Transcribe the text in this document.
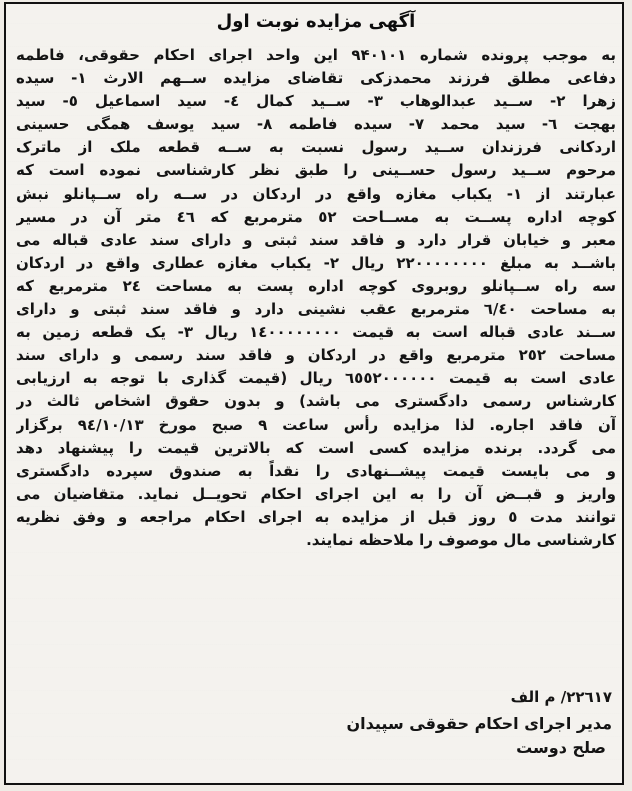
آگهی مزایده نوبت اول
به موجب پرونده شماره ۹۴۰۱۰۱ این واحد اجرای احکام حقوقی، فاطمه
دفاعی مطلق فرزند محمدزکی تقاضای مزایده ســهم الارث ۱- سیده
زهرا ۲- ســید عبدالوهاب ۳- ســید کمال ٤- سید اسماعیل ٥- سید
بهجت ٦- سید محمد ۷- سیده فاطمه ۸- سید یوسف همگی حسینی
اردکانی فرزندان ســید رسول نسبت به ســه قطعه ملک از ماترک
مرحوم ســید رسول حســینی را طبق نظر کارشناسی نموده است که
عبارتند از ۱- یکباب مغازه واقع در اردکان در ســه راه ســپانلو نبش
کوچه اداره پســت به مســاحت ٥۲ مترمربع که ٤٦ متر آن در مسیر
معبر و خیابان قرار دارد و فاقد سند ثبتی و دارای سند عادی قباله می
باشــد به مبلغ ۲۲۰۰۰۰۰۰۰۰ ریال ۲- یکباب مغازه عطاری واقع در اردکان
سه راه ســپانلو روبروی کوچه اداره پست به مساحت ۲٤ مترمربع که
به مساحت ٦/٤۰ مترمربع عقب نشینی دارد و فاقد سند ثبتی و دارای
ســند عادی قباله است به قیمت ۱٤۰۰۰۰۰۰۰۰ ریال ۳- یک قطعه زمین به
مساحت ۲٥۲ مترمربع واقع در اردکان و فاقد سند رسمی و دارای سند
عادی است به قیمت ٦٥٥۲۰۰۰۰۰۰ ریال (قیمت گذاری با توجه به ارزیابی
کارشناس رسمی دادگستری می باشد) و بدون حقوق اشخاص ثالث در
آن فاقد اجاره. لذا مزایده رأس ساعت ۹ صبح مورخ ۹٤/۱۰/۱۳ برگزار
می گردد. برنده مزایده کسی است که بالاترین قیمت را پیشنهاد دهد
و می بایست قیمت پیشــنهادی را نقداً به صندوق سپرده دادگستری
واریز و قبــض آن را به این اجرای احکام تحویــل نماید. متقاضیان می
توانند مدت ٥ روز قبل از مزایده به اجرای احکام مراجعه و وفق نظریه
کارشناسی مال موصوف را ملاحظه نمایند.
۲۲٦۱۷/ م الف
مدیر اجرای احکام حقوقی سپیدان
صلح دوست
